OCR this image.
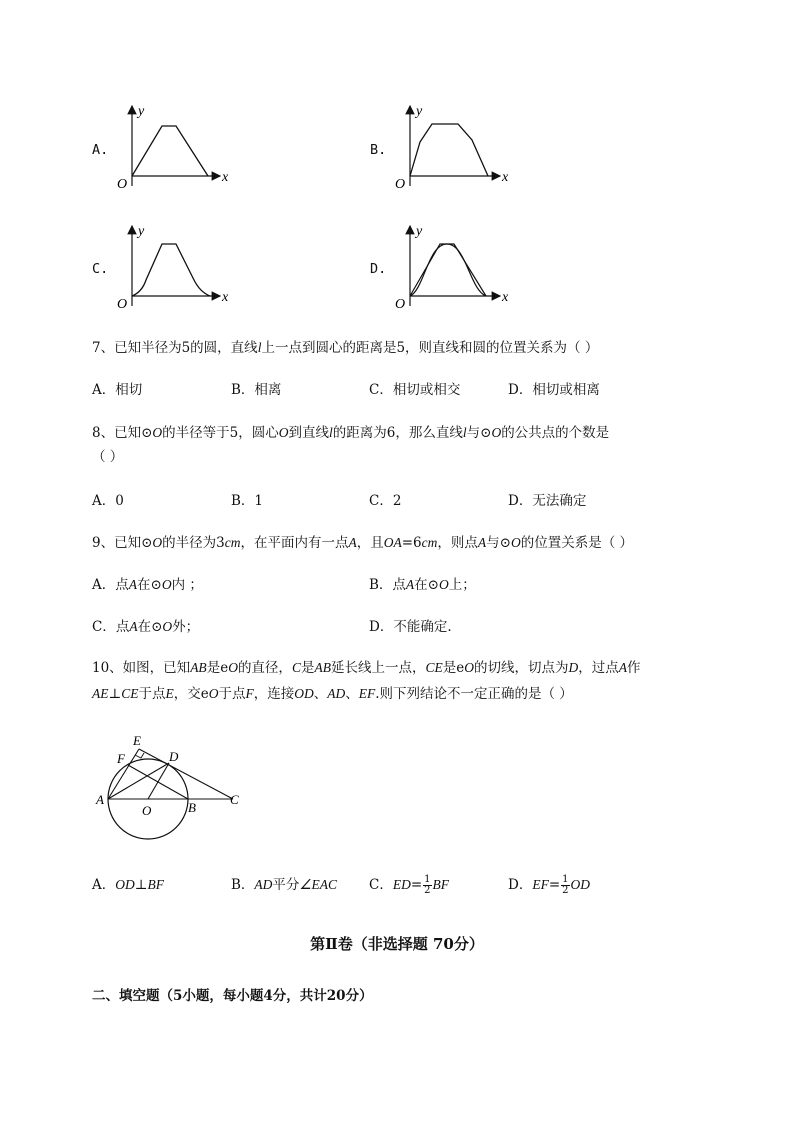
A.
y
x
O
B.
y
x
O
C.
y
x
O
D.
y
x
O
7、已知半径为5的圆，直线l上一点到圆心的距离是5，则直线和圆的位置关系为（ ）
A．相切	B．相离	C．相切或相交	D．相切或相离
8、已知⊙O的半径等于5，圆心O到直线l的距离为6，那么直线l与⊙O的公共点的个数是
（ ）
A．0	B．1	C．2	D．无法确定
9、已知⊙O的半径为3cm，在平面内有一点A，且OA=6cm，则点A与⊙O的位置关系是（ ）
A．点A在⊙O内 ；	B．点A在⊙O上；
C．点A在⊙O外；	D．不能确定.
10、如图，已知AB是eO的直径，C是AB延长线上一点，CE是eO的切线，切点为D，过点A作
AE⊥CE于点E，交eO于点F，连接OD、AD、EF.则下列结论不一定正确的是（ ）
E
F	D
A
O	B
C
A．OD⊥BF	B．AD平分∠EAC C． ED = $\frac{1}{2}$ BF	D． EF = $\frac{1}{2}$ OD
第Ⅱ卷（非选择题 70分）
二、填空题（5小题，每小题4分，共计20分）
